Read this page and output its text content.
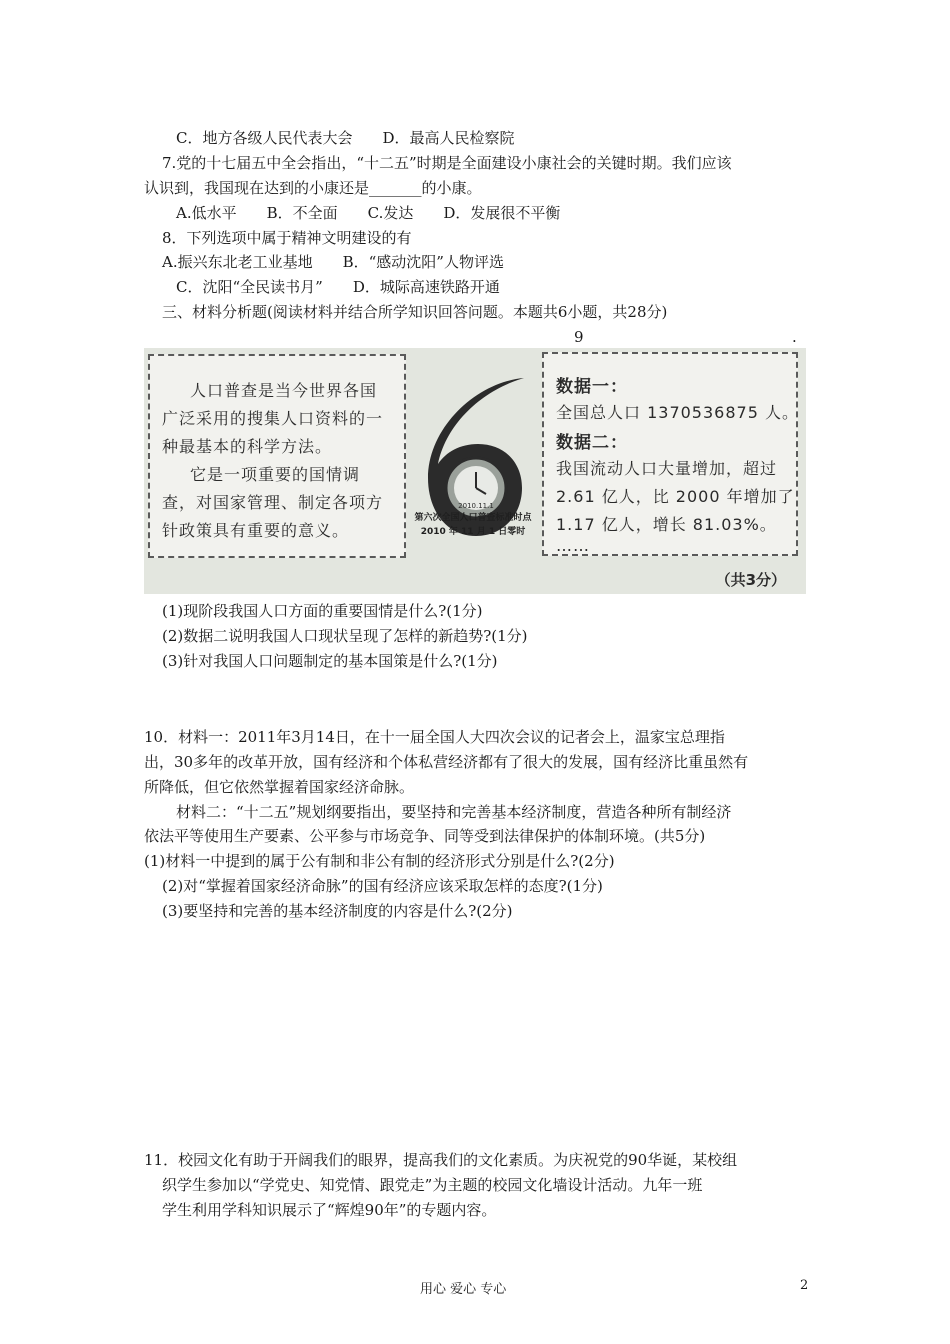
C．地方各级人民代表大会　　D．最高人民检察院
7.党的十七届五中全会指出，“十二五”时期是全面建设小康社会的关键时期。我们应该
认识到，我国现在达到的小康还是_______的小康。
A.低水平　　B．不全面　　C.发达　　D．发展很不平衡
8．下列选项中属于精神文明建设的有
A.振兴东北老工业基地　　B．“感动沈阳”人物评选
C．沈阳“全民读书月”　　D．城际高速铁路开通
三、材料分析题(阅读材料并结合所学知识回答问题。本题共6小题，共28分)
9	.

人口普查是当今世界各国

广泛采用的搜集人口资料的一

种最基本的科学方法。

它是一项重要的国情调

查，对国家管理、制定各项方

针政策具有重要的意义。

2010.11.1
第六次全国人口普查标准时点
2010 年 11 月 1 日零时

数据一：

全国总人口 1370536875 人。

数据二：

我国流动人口大量增加，超过

2.61 亿人，比 2000 年增加了

1.17 亿人，增长 81.03%。

……

（共3分）
(1)现阶段我国人口方面的重要国情是什么?(1分)
(2)数据二说明我国人口现状呈现了怎样的新趋势?(1分)
(3)针对我国人口问题制定的基本国策是什么?(1分)
10．材料一：2011年3月14日，在十一届全国人大四次会议的记者会上，温家宝总理指
出，30多年的改革开放，国有经济和个体私营经济都有了很大的发展，国有经济比重虽然有
所降低，但它依然掌握着国家经济命脉。
材料二：“十二五”规划纲要指出，要坚持和完善基本经济制度，营造各种所有制经济
依法平等使用生产要素、公平参与市场竞争、同等受到法律保护的体制环境。(共5分)
(1)材料一中提到的属于公有制和非公有制的经济形式分别是什么?(2分)
(2)对“掌握着国家经济命脉”的国有经济应该采取怎样的态度?(1分)
(3)要坚持和完善的基本经济制度的内容是什么?(2分)
11．校园文化有助于开阔我们的眼界，提高我们的文化素质。为庆祝党的90华诞，某校组
织学生参加以“学党史、知党情、跟党走”为主题的校园文化墙设计活动。九年一班
学生利用学科知识展示了“辉煌90年”的专题内容。
用心 爱心 专心	2
